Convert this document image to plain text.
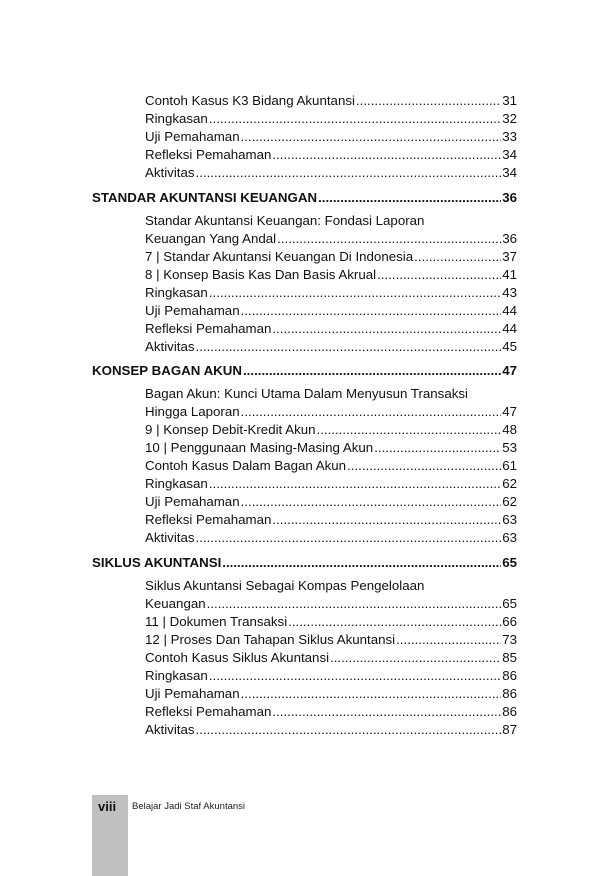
Contoh Kasus K3 Bidang Akuntansi .....	31
Ringkasan .....	32
Uji Pemahaman .....	33
Refleksi Pemahaman .....	34
Aktivitas .....	34
STANDAR AKUNTANSI KEUANGAN .....	36
Standar Akuntansi Keuangan: Fondasi Laporan
Keuangan Yang Andal .....	36
7 | Standar Akuntansi Keuangan Di Indonesia .....	37
8 | Konsep Basis Kas Dan Basis Akrual .....	41
Ringkasan .....	43
Uji Pemahaman .....	44
Refleksi Pemahaman .....	44
Aktivitas .....	45
KONSEP BAGAN AKUN .....	47
Bagan Akun: Kunci Utama Dalam Menyusun Transaksi
Hingga Laporan .....	47
9 | Konsep Debit-Kredit Akun .....	48
10 | Penggunaan Masing-Masing Akun .....	53
Contoh Kasus Dalam Bagan Akun .....	61
Ringkasan .....	62
Uji Pemahaman .....	62
Refleksi Pemahaman .....	63
Aktivitas .....	63
SIKLUS AKUNTANSI .....	65
Siklus Akuntansi Sebagai Kompas Pengelolaan
Keuangan .....	65
11 | Dokumen Transaksi .....	66
12 | Proses Dan Tahapan Siklus Akuntansi .....	73
Contoh Kasus Siklus Akuntansi .....	85
Ringkasan .....	86
Uji Pemahaman .....	86
Refleksi Pemahaman .....	86
Aktivitas .....	87
viii Belajar Jadi Staf Akuntansi
